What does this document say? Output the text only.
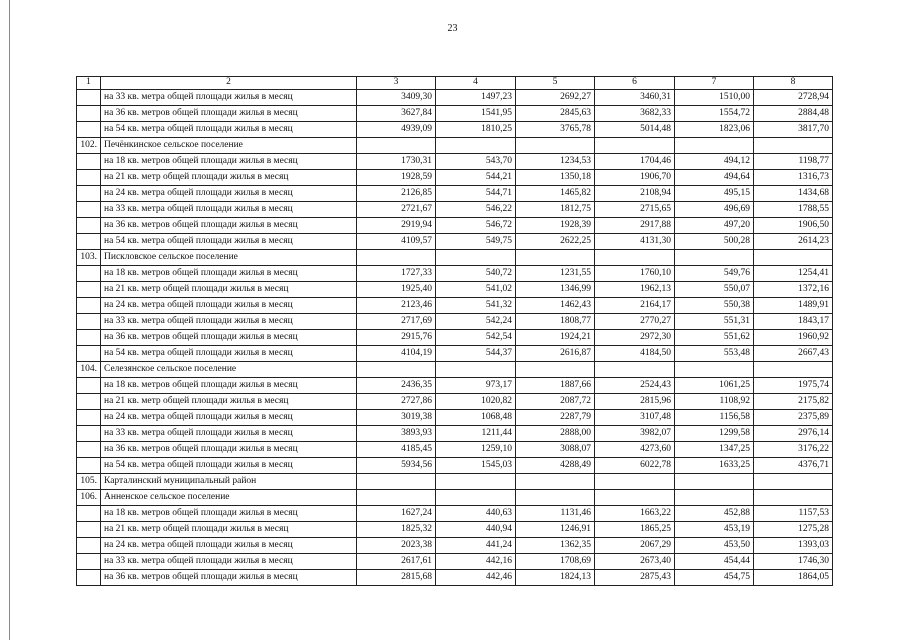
23
1	2	3	4	5	6	7	8
	на 33 кв. метра общей площади жилья в месяц	3409,30	1497,23	2692,27	3460,31	1510,00	2728,94
	на 36 кв. метров общей площади жилья в месяц	3627,84	1541,95	2845,63	3682,33	1554,72	2884,48
	на 54 кв. метра общей площади жилья в месяц	4939,09	1810,25	3765,78	5014,48	1823,06	3817,70
102.	Печёнкинское сельское поселение						
	на 18 кв. метров общей площади жилья в месяц	1730,31	543,70	1234,53	1704,46	494,12	1198,77
	на 21 кв. метр общей площади жилья в месяц	1928,59	544,21	1350,18	1906,70	494,64	1316,73
	на 24 кв. метра общей площади жилья в месяц	2126,85	544,71	1465,82	2108,94	495,15	1434,68
	на 33 кв. метра общей площади жилья в месяц	2721,67	546,22	1812,75	2715,65	496,69	1788,55
	на 36 кв. метров общей площади жилья в месяц	2919,94	546,72	1928,39	2917,88	497,20	1906,50
	на 54 кв. метра общей площади жилья в месяц	4109,57	549,75	2622,25	4131,30	500,28	2614,23
103.	Писклoвское сельское поселение						
	на 18 кв. метров общей площади жилья в месяц	1727,33	540,72	1231,55	1760,10	549,76	1254,41
	на 21 кв. метр общей площади жилья в месяц	1925,40	541,02	1346,99	1962,13	550,07	1372,16
	на 24 кв. метра общей площади жилья в месяц	2123,46	541,32	1462,43	2164,17	550,38	1489,91
	на 33 кв. метра общей площади жилья в месяц	2717,69	542,24	1808,77	2770,27	551,31	1843,17
	на 36 кв. метров общей площади жилья в месяц	2915,76	542,54	1924,21	2972,30	551,62	1960,92
	на 54 кв. метра общей площади жилья в месяц	4104,19	544,37	2616,87	4184,50	553,48	2667,43
104.	Селезянское сельское поселение						
	на 18 кв. метров общей площади жилья в месяц	2436,35	973,17	1887,66	2524,43	1061,25	1975,74
	на 21 кв. метр общей площади жилья в месяц	2727,86	1020,82	2087,72	2815,96	1108,92	2175,82
	на 24 кв. метра общей площади жилья в месяц	3019,38	1068,48	2287,79	3107,48	1156,58	2375,89
	на 33 кв. метра общей площади жилья в месяц	3893,93	1211,44	2888,00	3982,07	1299,58	2976,14
	на 36 кв. метров общей площади жилья в месяц	4185,45	1259,10	3088,07	4273,60	1347,25	3176,22
	на 54 кв. метра общей площади жилья в месяц	5934,56	1545,03	4288,49	6022,78	1633,25	4376,71
105.	Карталинский муниципальный район						
106.	Анненское сельское поселение						
	на 18 кв. метров общей площади жилья в месяц	1627,24	440,63	1131,46	1663,22	452,88	1157,53
	на 21 кв. метр общей площади жилья в месяц	1825,32	440,94	1246,91	1865,25	453,19	1275,28
	на 24 кв. метра общей площади жилья в месяц	2023,38	441,24	1362,35	2067,29	453,50	1393,03
	на 33 кв. метра общей площади жилья в месяц	2617,61	442,16	1708,69	2673,40	454,44	1746,30
	на 36 кв. метров общей площади жилья в месяц	2815,68	442,46	1824,13	2875,43	454,75	1864,05
